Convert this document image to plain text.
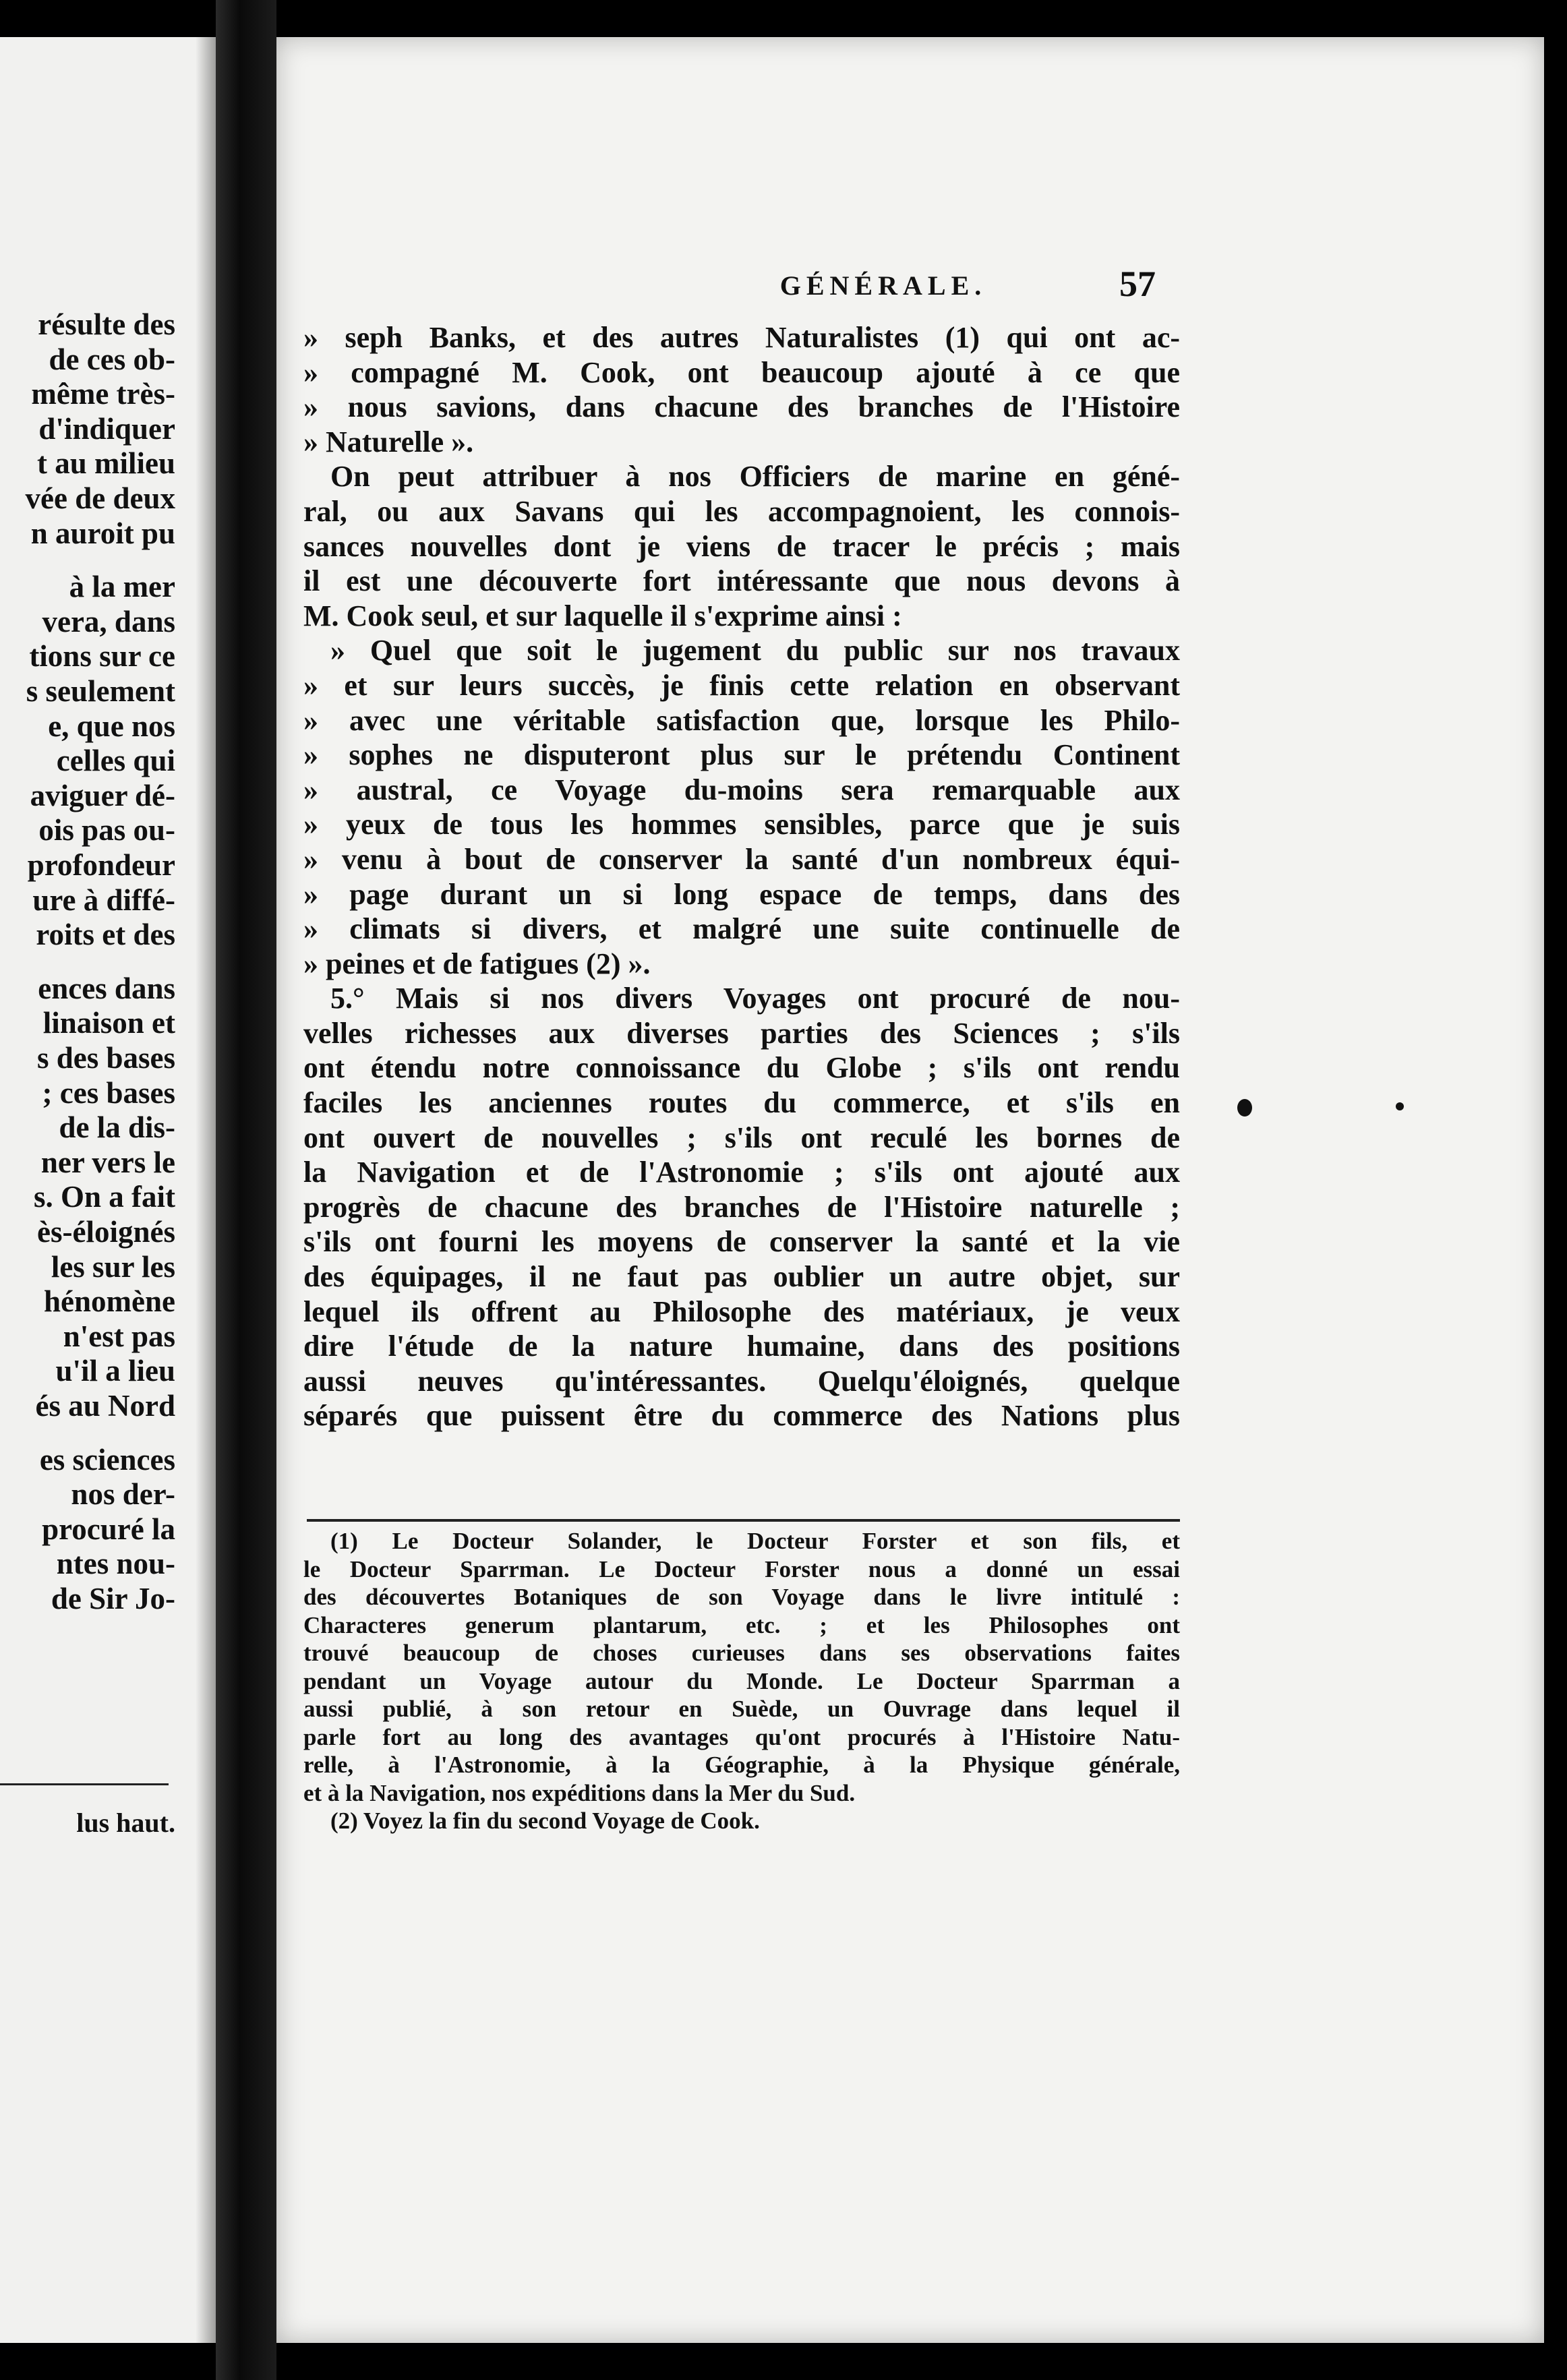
résulte des
de ces ob-
même très-
d'indiquer
t au milieu
vée de deux
n auroit pu
à la mer
vera, dans
tions sur ce
s seulement
e, que nos
celles qui
aviguer dé-
ois pas ou-
profondeur
ure à diffé-
roits et des
ences dans
linaison et
s des bases
; ces bases
de la dis-
ner vers le
s. On a fait
ès-éloignés
les sur les
hénomène
n'est pas
u'il a lieu
és au Nord
es sciences
nos der-
procuré la
ntes nou-
de Sir Jo-
lus haut.
GÉNÉRALE.	57
» seph Banks, et des autres Naturalistes (1) qui ont ac-
» compagné M. Cook, ont beaucoup ajouté à ce que
» nous savions, dans chacune des branches de l'Histoire
» Naturelle ».
On peut attribuer à nos Officiers de marine en géné-
ral, ou aux Savans qui les accompagnoient, les connois-
sances nouvelles dont je viens de tracer le précis ; mais
il est une découverte fort intéressante que nous devons à
M. Cook seul, et sur laquelle il s'exprime ainsi :
» Quel que soit le jugement du public sur nos travaux
» et sur leurs succès, je finis cette relation en observant
» avec une véritable satisfaction que, lorsque les Philo-
» sophes ne disputeront plus sur le prétendu Continent
» austral, ce Voyage du-moins sera remarquable aux
» yeux de tous les hommes sensibles, parce que je suis
» venu à bout de conserver la santé d'un nombreux équi-
» page durant un si long espace de temps, dans des
» climats si divers, et malgré une suite continuelle de
» peines et de fatigues (2) ».
5.° Mais si nos divers Voyages ont procuré de nou-
velles richesses aux diverses parties des Sciences ; s'ils
ont étendu notre connoissance du Globe ; s'ils ont rendu
faciles les anciennes routes du commerce, et s'ils en
ont ouvert de nouvelles ; s'ils ont reculé les bornes de
la Navigation et de l'Astronomie ; s'ils ont ajouté aux
progrès de chacune des branches de l'Histoire naturelle ;
s'ils ont fourni les moyens de conserver la santé et la vie
des équipages, il ne faut pas oublier un autre objet, sur
lequel ils offrent au Philosophe des matériaux, je veux
dire l'étude de la nature humaine, dans des positions
aussi neuves qu'intéressantes. Quelqu'éloignés, quelque
séparés que puissent être du commerce des Nations plus
(1) Le Docteur Solander, le Docteur Forster et son fils, et
le Docteur Sparrman. Le Docteur Forster nous a donné un essai
des découvertes Botaniques de son Voyage dans le livre intitulé :
Characteres generum plantarum, etc. ; et les Philosophes ont
trouvé beaucoup de choses curieuses dans ses observations faites
pendant un Voyage autour du Monde. Le Docteur Sparrman a
aussi publié, à son retour en Suède, un Ouvrage dans lequel il
parle fort au long des avantages qu'ont procurés à l'Histoire Natu-
relle, à l'Astronomie, à la Géographie, à la Physique générale,
et à la Navigation, nos expéditions dans la Mer du Sud.
(2) Voyez la fin du second Voyage de Cook.
